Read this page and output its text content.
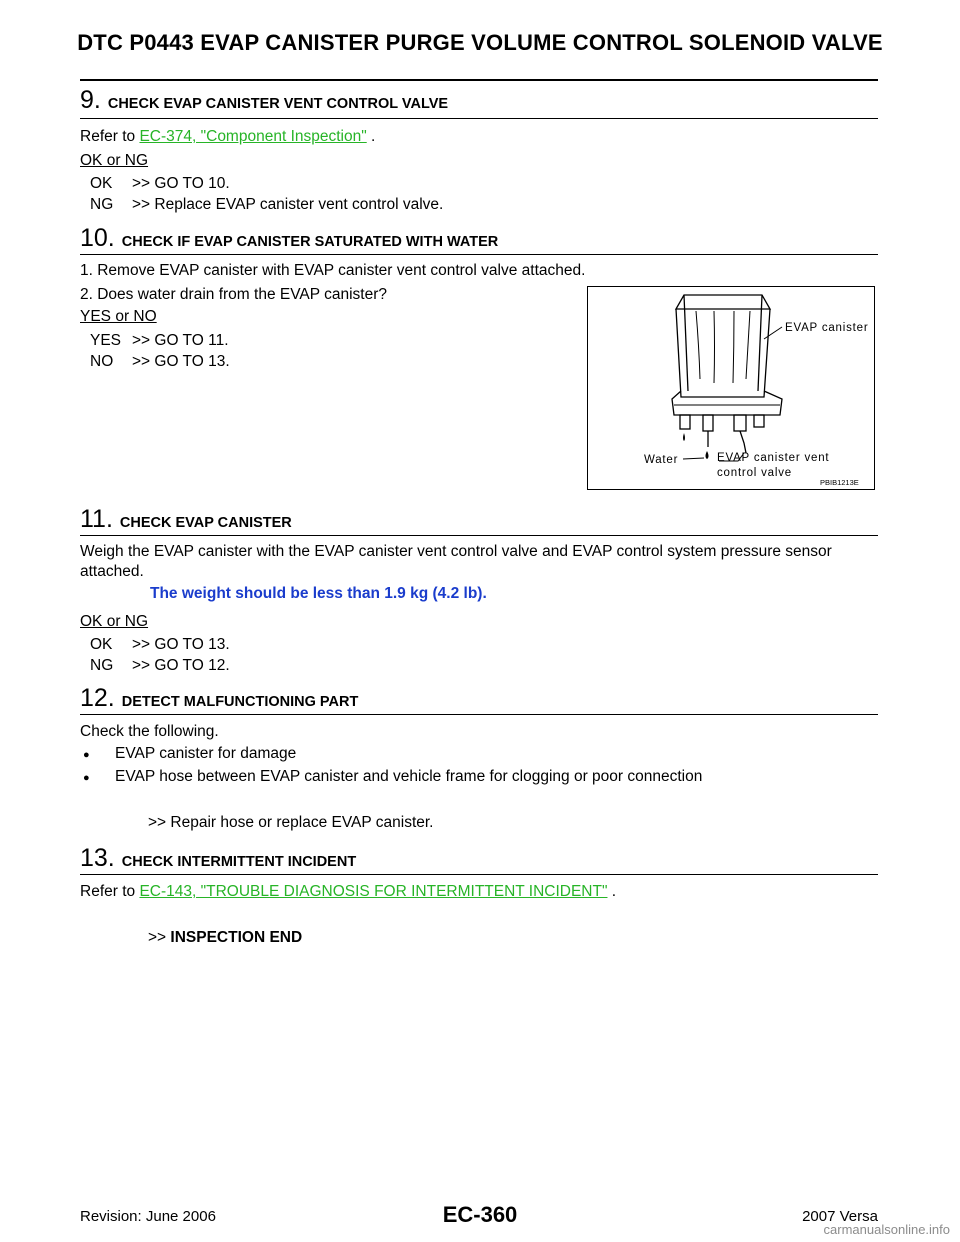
DTC P0443 EVAP CANISTER PURGE VOLUME CONTROL SOLENOID VALVE
9. CHECK EVAP CANISTER VENT CONTROL VALVE
Refer to EC-374, "Component Inspection" .
OK or NG
OK	>> GO TO 10.
NG	>> Replace EVAP canister vent control valve.
10. CHECK IF EVAP CANISTER SATURATED WITH WATER
1. Remove EVAP canister with EVAP canister vent control valve attached.
2. Does water drain from the EVAP canister?
YES or NO
YES >> GO TO 11.
NO	>> GO TO 13.
EVAP canister
Water	EVAP canister vent
control valve
PBIB1213E
11. CHECK EVAP CANISTER
Weigh the EVAP canister with the EVAP canister vent control valve and EVAP control system pressure sensor attached.
The weight should be less than 1.9 kg (4.2 lb).
OK or NG
OK	>> GO TO 13.
NG	>> GO TO 12.
12. DETECT MALFUNCTIONING PART
Check the following.
●	EVAP canister for damage
●	EVAP hose between EVAP canister and vehicle frame for clogging or poor connection
>> Repair hose or replace EVAP canister.
13. CHECK INTERMITTENT INCIDENT
Refer to EC-143, "TROUBLE DIAGNOSIS FOR INTERMITTENT INCIDENT" .
>> INSPECTION END
Revision: June 2006	EC-360	2007 Versa
carmanualsonline.info
